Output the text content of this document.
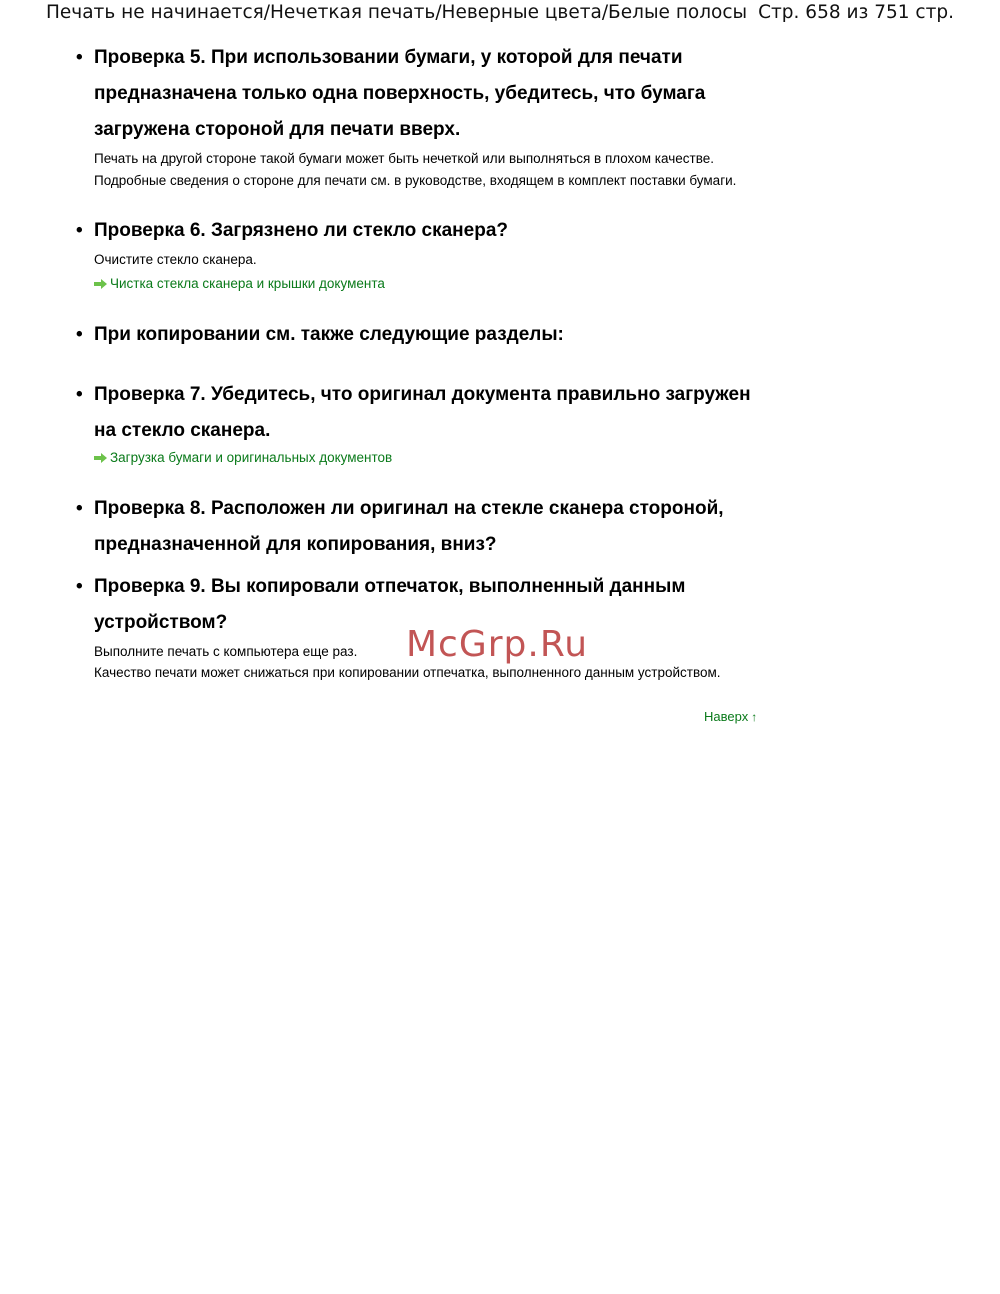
Печать не начинается/Нечеткая печать/Неверные цвета/Белые полосы Стр. 658 из 751 стр.
• Проверка 5. При использовании бумаги, у которой для печати предназначена только одна поверхность, убедитесь, что бумага загружена стороной для печати вверх.

Печать на другой стороне такой бумаги может быть нечеткой или выполняться в плохом качестве.

Подробные сведения о стороне для печати см. в руководстве, входящем в комплект поставки бумаги.

• Проверка 6. Загрязнено ли стекло сканера?

Очистите стекло сканера.

Чистка стекла сканера и крышки документа
• При копировании см. также следующие разделы:

• Проверка 7. Убедитесь, что оригинал документа правильно загружен на стекло сканера.

Загрузка бумаги и оригинальных документов
• Проверка 8. Расположен ли оригинал на стекле сканера стороной, предназначенной для копирования, вниз?

• Проверка 9. Вы копировали отпечаток, выполненный данным устройством?

Выполните печать с компьютера еще раз.

Качество печати может снижаться при копировании отпечатка, выполненного данным устройством.

Наверх ↑
McGrp.Ru
